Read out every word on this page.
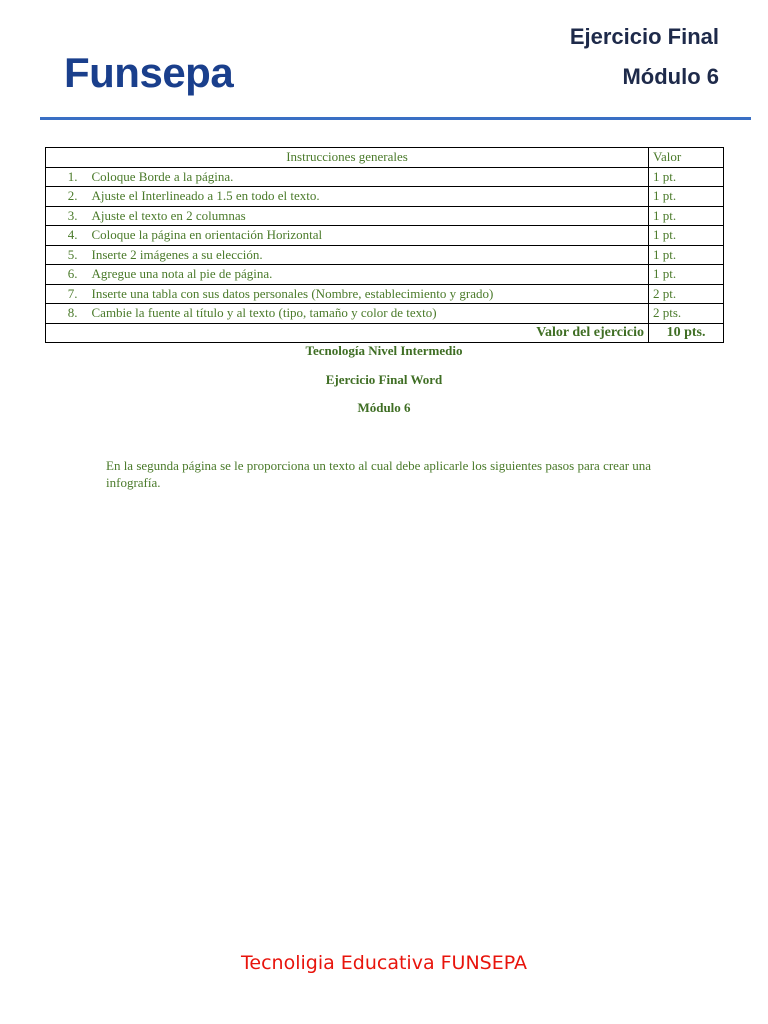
Funsepa
Ejercicio Final
Módulo 6
Instrucciones generales		Valor
1.	Coloque Borde a la página.	1 pt.
2.	Ajuste el Interlineado a 1.5 en todo el texto.	1 pt.
3.	Ajuste el texto en 2 columnas	1 pt.
4.	Coloque la página en orientación Horizontal	1 pt.
5.	Inserte 2 imágenes a su elección.	1 pt.
6.	Agregue una nota al pie de página.	1 pt.
7.	Inserte una tabla con sus datos personales (Nombre, establecimiento y grado)	2 pt.
8.	Cambie la fuente al título y al texto (tipo, tamaño y color de texto)	2 pts.
Valor del ejercicio		10 pts.
Tecnología Nivel Intermedio
Ejercicio Final Word
Módulo 6
En la segunda página se le proporciona un texto al cual debe aplicarle los siguientes pasos para crear una infografía.
Tecnoligia Educativa FUNSEPA
